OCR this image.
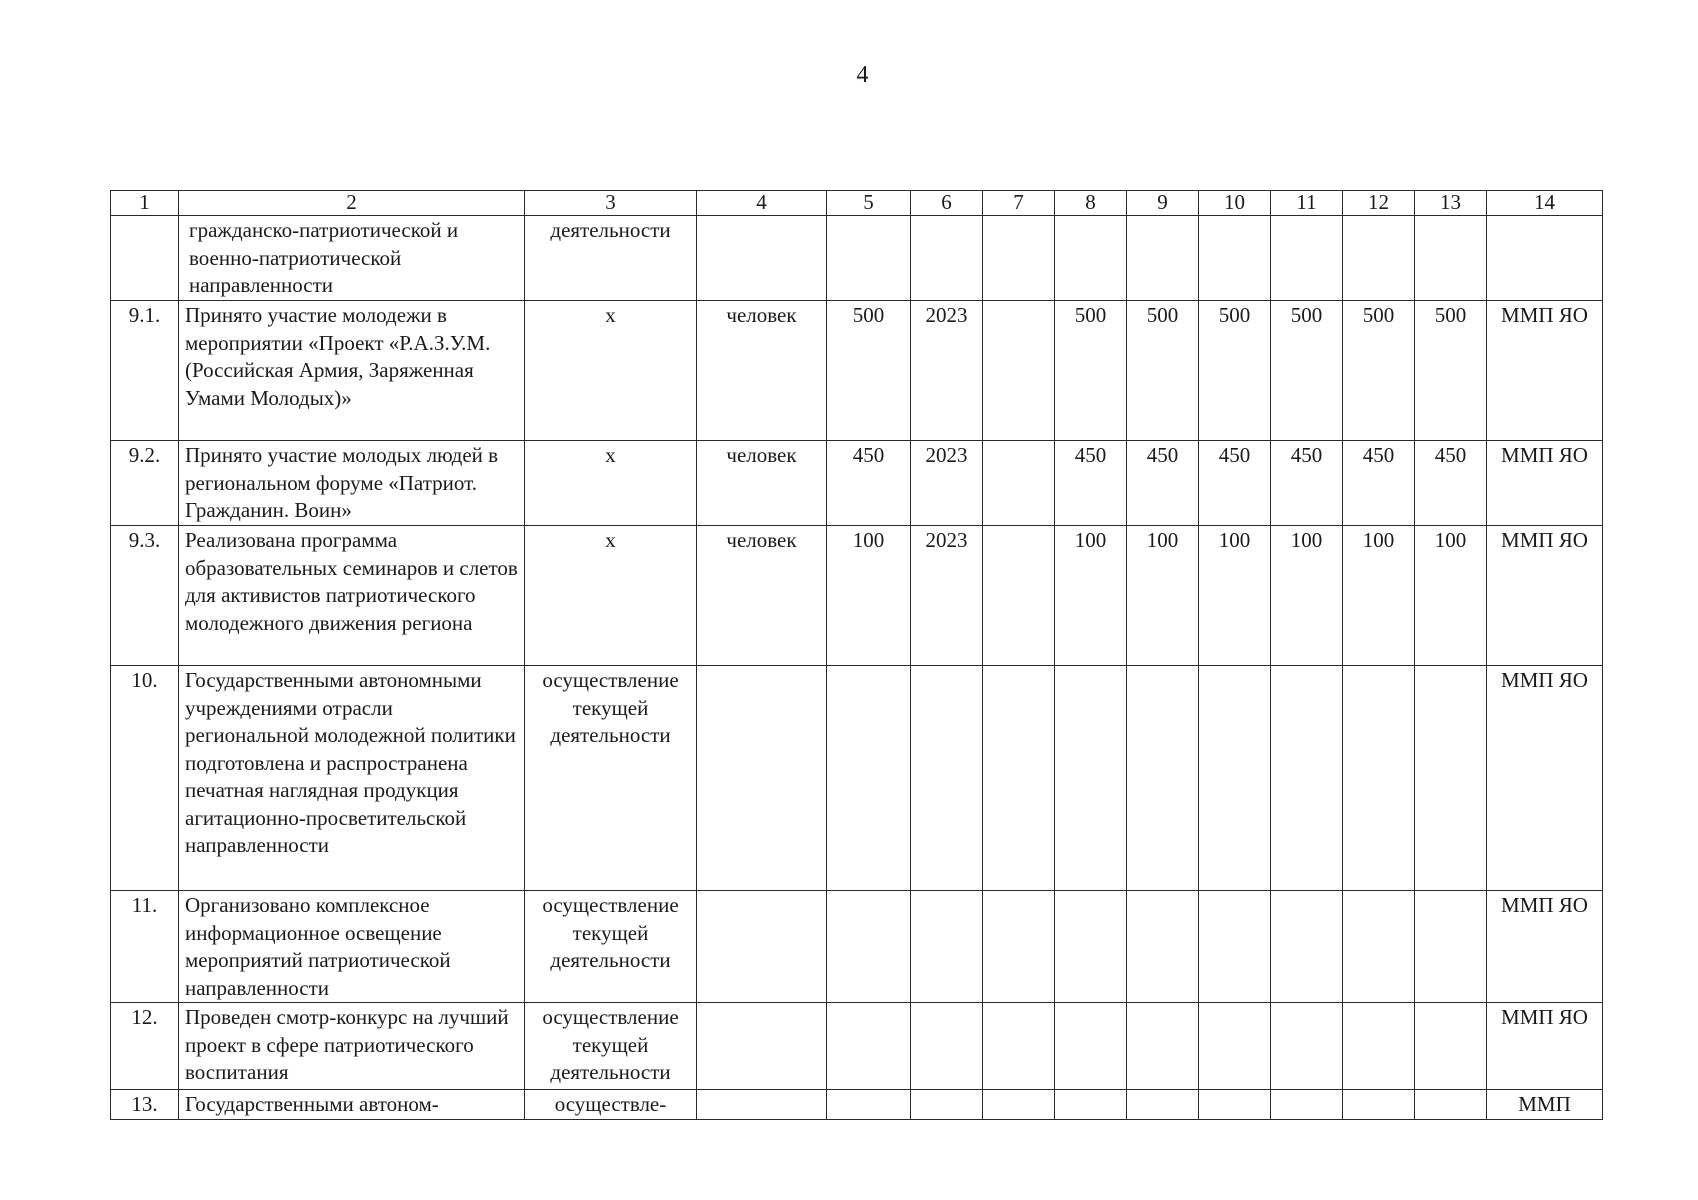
4
1	2	3	4	5	6	7	8	9	10	11	12	13	14
	гражданско-патриотической и военно-патриотической направленности	деятельности											
9.1.	Принято участие молодежи в мероприятии «Проект «Р.А.З.У.М. (Российская Армия, Заряженная Умами Молодых)»	х	человек	500	2023		500	500	500	500	500	500	ММП ЯО
9.2.	Принято участие молодых людей в региональном форуме «Патриот. Гражданин. Воин»	х	человек	450	2023		450	450	450	450	450	450	ММП ЯО
9.3.	Реализована программа образовательных семинаров и слетов для активистов патриотического молодежного движения региона	х	человек	100	2023		100	100	100	100	100	100	ММП ЯО
10.	Государственными автономными учреждениями отрасли региональной молодежной политики подготовлена и распространена печатная наглядная продукция агитационно-просветительской направленности	осуществление текущей деятельности											ММП ЯО
11.	Организовано комплексное информационное освещение мероприятий патриотической направленности	осуществление текущей деятельности											ММП ЯО
12.	Проведен смотр-конкурс на лучший проект в сфере патриотического воспитания	осуществление текущей деятельности											ММП ЯО
13.	Государственными автоном-	осуществле-											ММП
